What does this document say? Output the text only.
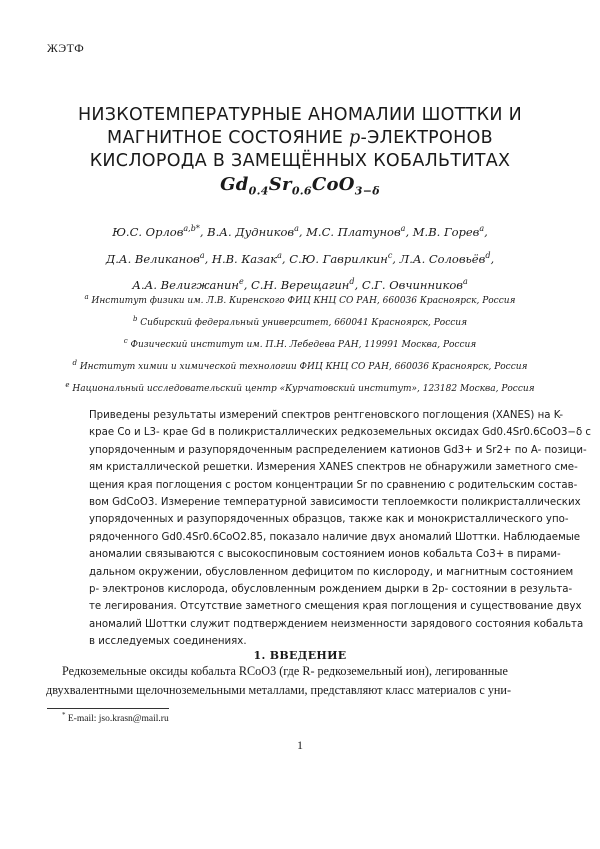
ЖЭТФ
НИЗКОТЕМПЕРАТУРНЫЕ АНОМАЛИИ ШОТТКИ И
МАГНИТНОЕ СОСТОЯНИЕ p-ЭЛЕКТРОНОВ
КИСЛОРОДА В ЗАМЕЩЁННЫХ КОБАЛЬТИТАХ
$Gd_{0.4}Sr_{0.6}CoO_{3-\delta}$
Ю.С. Орлов$^{a,b*}$, В.А. Дудников$^a$, М.С. Платунов$^a$, М.В. Горев$^a$,
Д.А. Великанов$^a$, Н.В. Казак$^a$, С.Ю. Гаврилкин$^c$, Л.А. Соловьёв$^d$,
А.А. Велигжанин$^e$, С.Н. Верещагин$^d$, С.Г. Овчинников$^a$
$^a$ Институт физики им. Л.В. Киренского ФИЦ КНЦ СО РАН, 660036 Красноярск, Россия
$^b$ Сибирский федеральный университет, 660041 Красноярск, Россия
$^c$ Физический институт им. П.Н. Лебедева РАН, 119991 Москва, Россия
$^d$ Институт химии и химической технологии ФИЦ КНЦ СО РАН, 660036 Красноярск, Россия
$^e$ Национальный исследовательский центр «Курчатовский институт», 123182 Москва, Россия
Приведены результаты измерений спектров рентгеновского поглощения (XANES) на K-
крае Co и L3- крае Gd в поликристаллических редкоземельных оксидах Gd0.4Sr0.6CoO3−δ с
упорядоченным и разупорядоченным распределением катионов Gd3+ и Sr2+ по A- позици-
ям кристаллической решетки. Измерения XANES спектров не обнаружили заметного сме-
щения края поглощения с ростом концентрации Sr по сравнению с родительским состав-
вом GdCoO3. Измерение температурной зависимости теплоемкости поликристаллических
упорядоченных и разупорядоченных образцов, также как и монокристаллического упо-
рядоченного Gd0.4Sr0.6CoO2.85, показало наличие двух аномалий Шоттки. Наблюдаемые
аномалии связываются с высокоспиновым состоянием ионов кобальта Co3+ в пирами-
дальном окружении, обусловленном дефицитом по кислороду, и магнитным состоянием
p- электронов кислорода, обусловленным рождением дырки в 2p- состоянии в результа-
те легирования. Отсутствие заметного смещения края поглощения и существование двух
аномалий Шоттки служит подтверждением неизменности зарядового состояния кобальта
в исследуемых соединениях.
1. ВВЕДЕНИЕ
Редкоземельные оксиды кобальта RCoO3 (где R- редкоземельный ион), легированные
двухвалентными щелочноземельными металлами, представляют класс материалов с уни-
* E-mail: jso.krasn@mail.ru
1
